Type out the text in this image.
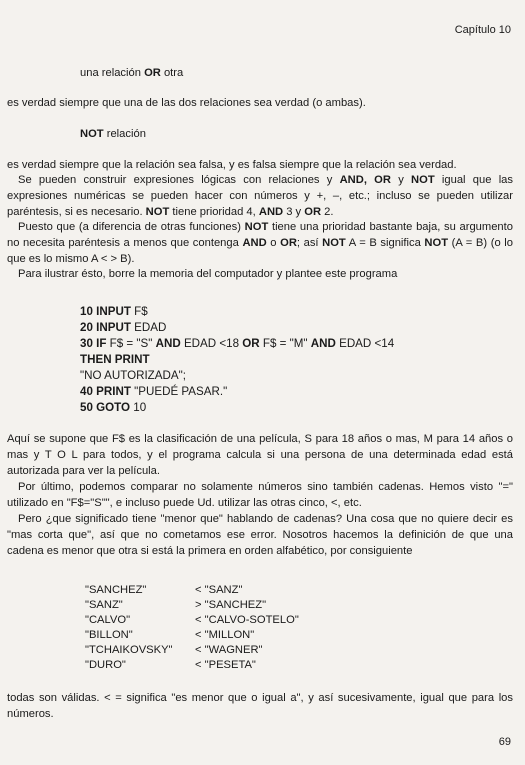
Capítulo 10
una relación OR otra
es verdad siempre que una de las dos relaciones sea verdad (o ambas).
NOT relación
es verdad siempre que la relación sea falsa, y es falsa siempre que la relación sea verdad.
Se pueden construir expresiones lógicas con relaciones y AND, OR y NOT igual que las expresiones numéricas se pueden hacer con números y +, –, etc.; incluso se pueden utilizar paréntesis, si es necesario. NOT tiene prioridad 4, AND 3 y OR 2.
Puesto que (a diferencia de otras funciones) NOT tiene una prioridad bastante baja, su argumento no necesita paréntesis a menos que contenga AND o OR; así NOT A = B significa NOT (A = B) (o lo que es lo mismo A < > B).
Para ilustrar ésto, borre la memoria del computador y plantee este programa
10 INPUT F$
20 INPUT EDAD
30 IF F$ = "S" AND EDAD <18 OR F$ = "M" AND EDAD <14
THEN PRINT
"NO AUTORIZADA";
40 PRINT "PUEDÉ PASAR."
50 GOTO 10
Aquí se supone que F$ es la clasificación de una película, S para 18 años o mas, M para 14 años o mas y T O L para todos, y el programa calcula si una persona de una determinada edad está autorizada para ver la película.
Por último, podemos comparar no solamente números sino también cadenas. Hemos visto "=" utilizado en "F$="S"", e incluso puede Ud. utilizar las otras cinco, <, etc.
Pero ¿que significado tiene "menor que" hablando de cadenas? Una cosa que no quiere decir es "mas corta que", así que no cometamos ese error. Nosotros hacemos la definición de que una cadena es menor que otra si está la primera en orden alfabético, por consiguiente
"SANCHEZ"	< "SANZ"
"SANZ"	> "SANCHEZ"
"CALVO"	< "CALVO-SOTELO"
"BILLON"	< "MILLON"
"TCHAIKOVSKY"	< "WAGNER"
"DURO"	< "PESETA"
todas son válidas. < = significa "es menor que o igual a", y así sucesivamente, igual que para los números.
69
